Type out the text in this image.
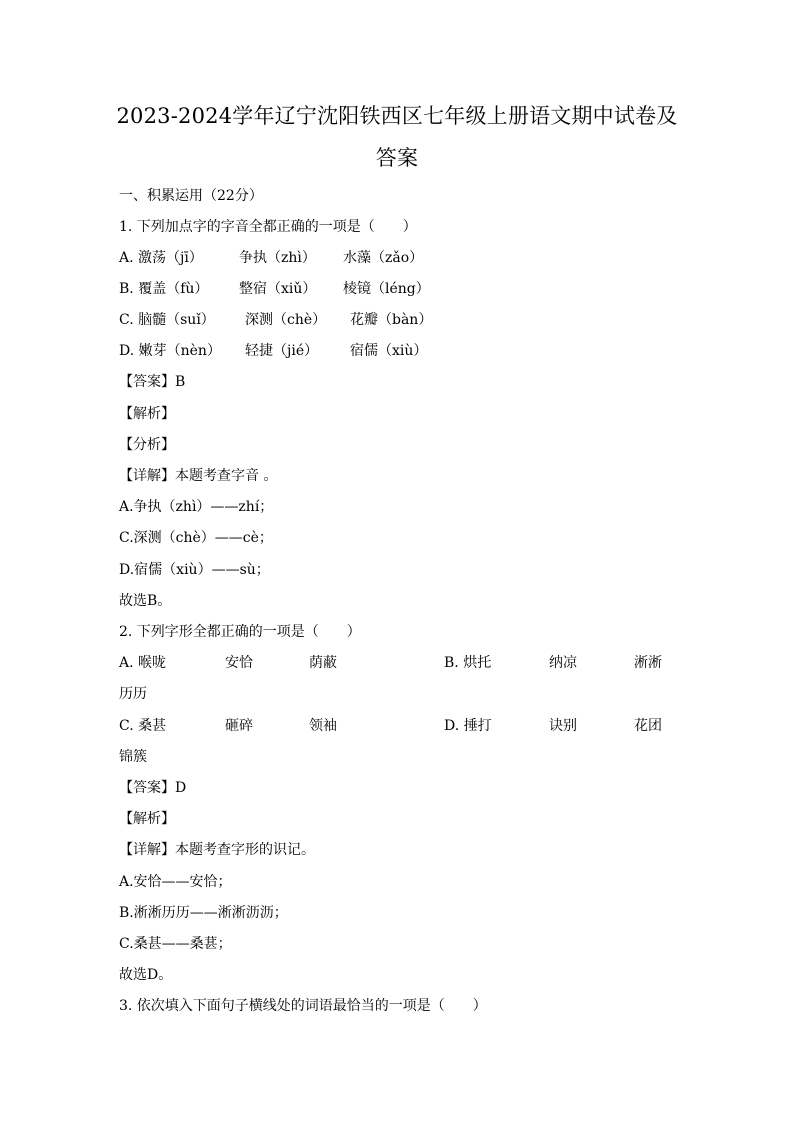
2023-2024学年辽宁沈阳铁西区七年级上册语文期中试卷及
答案
一、积累运用（22分）
1. 下列加点字的字音全都正确的一项是（　　）
A. 激荡（jī）	争执（zhì） 水藻（zǎo）
B. 覆盖（fù） 整宿（xiǔ） 棱镜（léng）
C. 脑髓（suǐ） 深测（chè） 花瓣（bàn）
D. 嫩芽（nèn） 轻捷（jié） 宿儒（xiù）
【答案】B
【解析】
【分析】
【详解】本题考查字音 。
A.争执（zhì）——zhí；
C.深测（chè）——cè；
D.宿儒（xiù）——sù；
故选B。
2. 下列字形全都正确的一项是（　　）
A. 喉咙	安恰	荫蔽	B. 烘托	纳凉	淅淅
历历
C. 桑甚	砸碎	领袖	D. 捶打	诀别	花团
锦簇
【答案】D
【解析】
【详解】本题考查字形的识记。
A.安恰——安恰；
B.淅淅历历——淅淅沥沥；
C.桑甚——桑葚；
故选D。
3. 依次填入下面句子横线处的词语最恰当的一项是（　　）
